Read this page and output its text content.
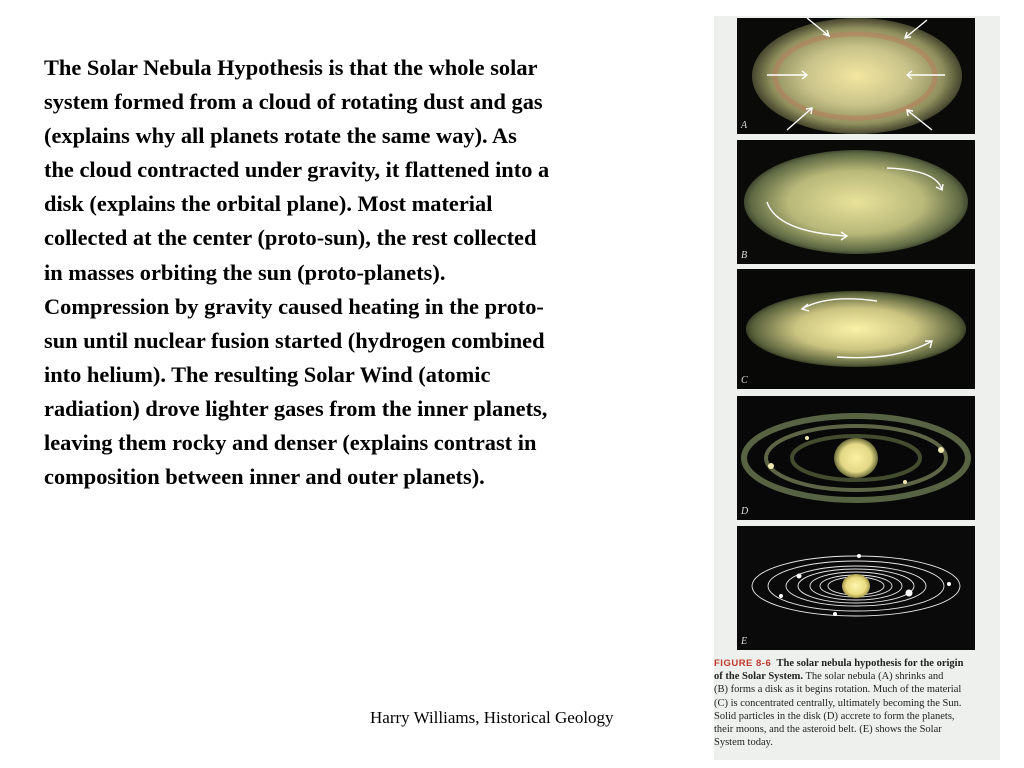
The Solar Nebula Hypothesis is that the whole solar
system formed from a cloud of rotating dust and gas
(explains why all planets rotate the same way). As
the cloud contracted under gravity, it flattened into a
disk (explains the orbital plane). Most material
collected at the center (proto-sun), the rest collected
in masses orbiting the sun (proto-planets).
Compression by gravity caused heating in the proto-
sun until nuclear fusion started (hydrogen combined
into helium). The resulting Solar Wind (atomic
radiation) drove lighter gases from the inner planets,
leaving them rocky and denser (explains contrast in
composition between inner and outer planets).
Harry Williams, Historical Geology
A
B
C
D
E
FIGURE 8-6 The solar nebula hypothesis for the origin
of the Solar System. The solar nebula (A) shrinks and
(B) forms a disk as it begins rotation. Much of the material
(C) is concentrated centrally, ultimately becoming the Sun.
Solid particles in the disk (D) accrete to form the planets,
their moons, and the asteroid belt. (E) shows the Solar
System today.
